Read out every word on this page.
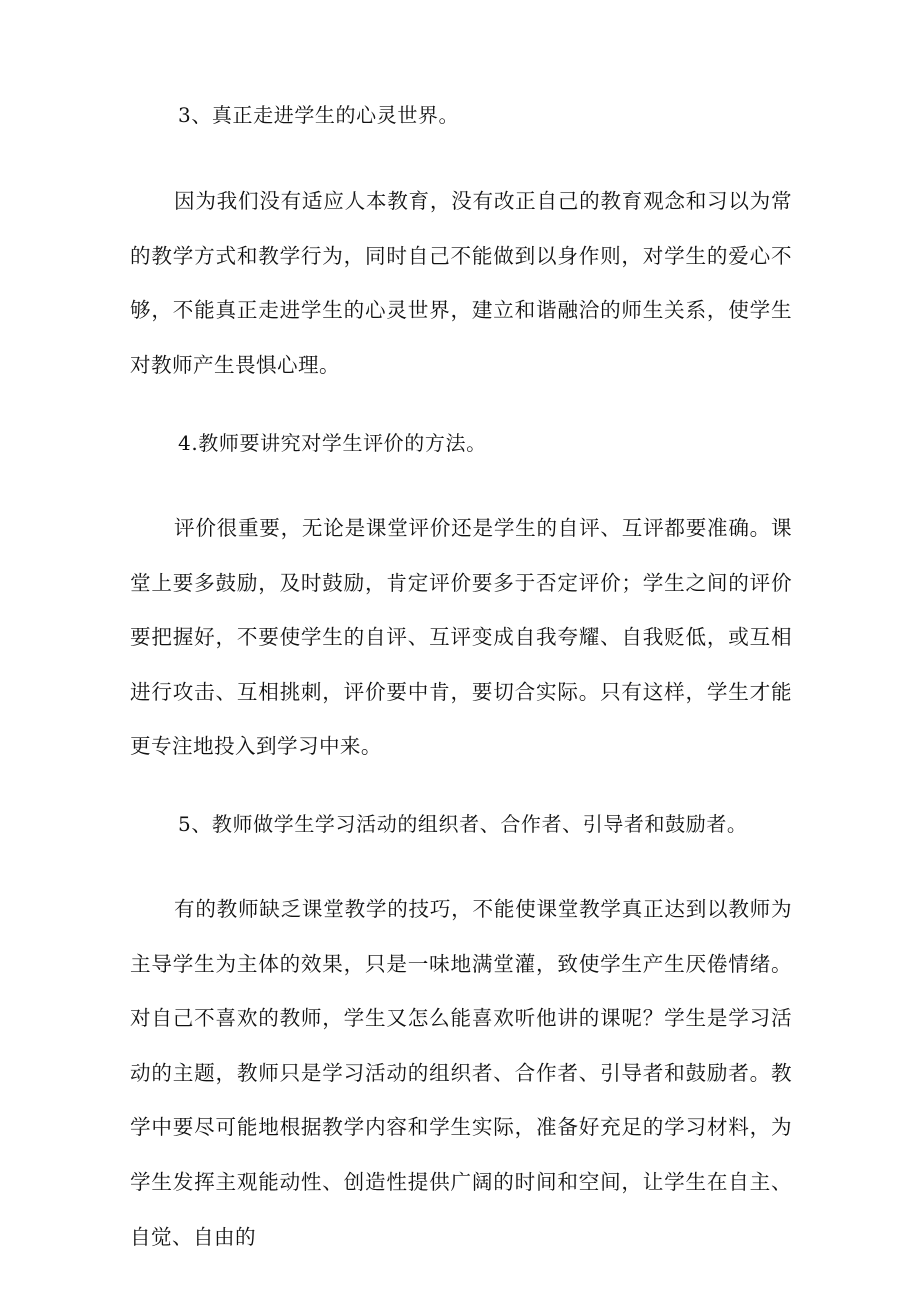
3、真正走进学生的心灵世界。

因为我们没有适应人本教育，没有改正自己的教育观念和习以为常的教学方式和教学行为，同时自己不能做到以身作则，对学生的爱心不够，不能真正走进学生的心灵世界，建立和谐融洽的师生关系，使学生对教师产生畏惧心理。

4.教师要讲究对学生评价的方法。

评价很重要，无论是课堂评价还是学生的自评、互评都要准确。课堂上要多鼓励，及时鼓励，肯定评价要多于否定评价；学生之间的评价要把握好，不要使学生的自评、互评变成自我夸耀、自我贬低，或互相进行攻击、互相挑刺，评价要中肯，要切合实际。只有这样，学生才能更专注地投入到学习中来。

5、教师做学生学习活动的组织者、合作者、引导者和鼓励者。

有的教师缺乏课堂教学的技巧，不能使课堂教学真正达到以教师为主导学生为主体的效果，只是一味地满堂灌，致使学生产生厌倦情绪。对自己不喜欢的教师，学生又怎么能喜欢听他讲的课呢？学生是学习活动的主题，教师只是学习活动的组织者、合作者、引导者和鼓励者。教学中要尽可能地根据教学内容和学生实际，准备好充足的学习材料，为学生发挥主观能动性、创造性提供广阔的时间和空间，让学生在自主、自觉、自由的
